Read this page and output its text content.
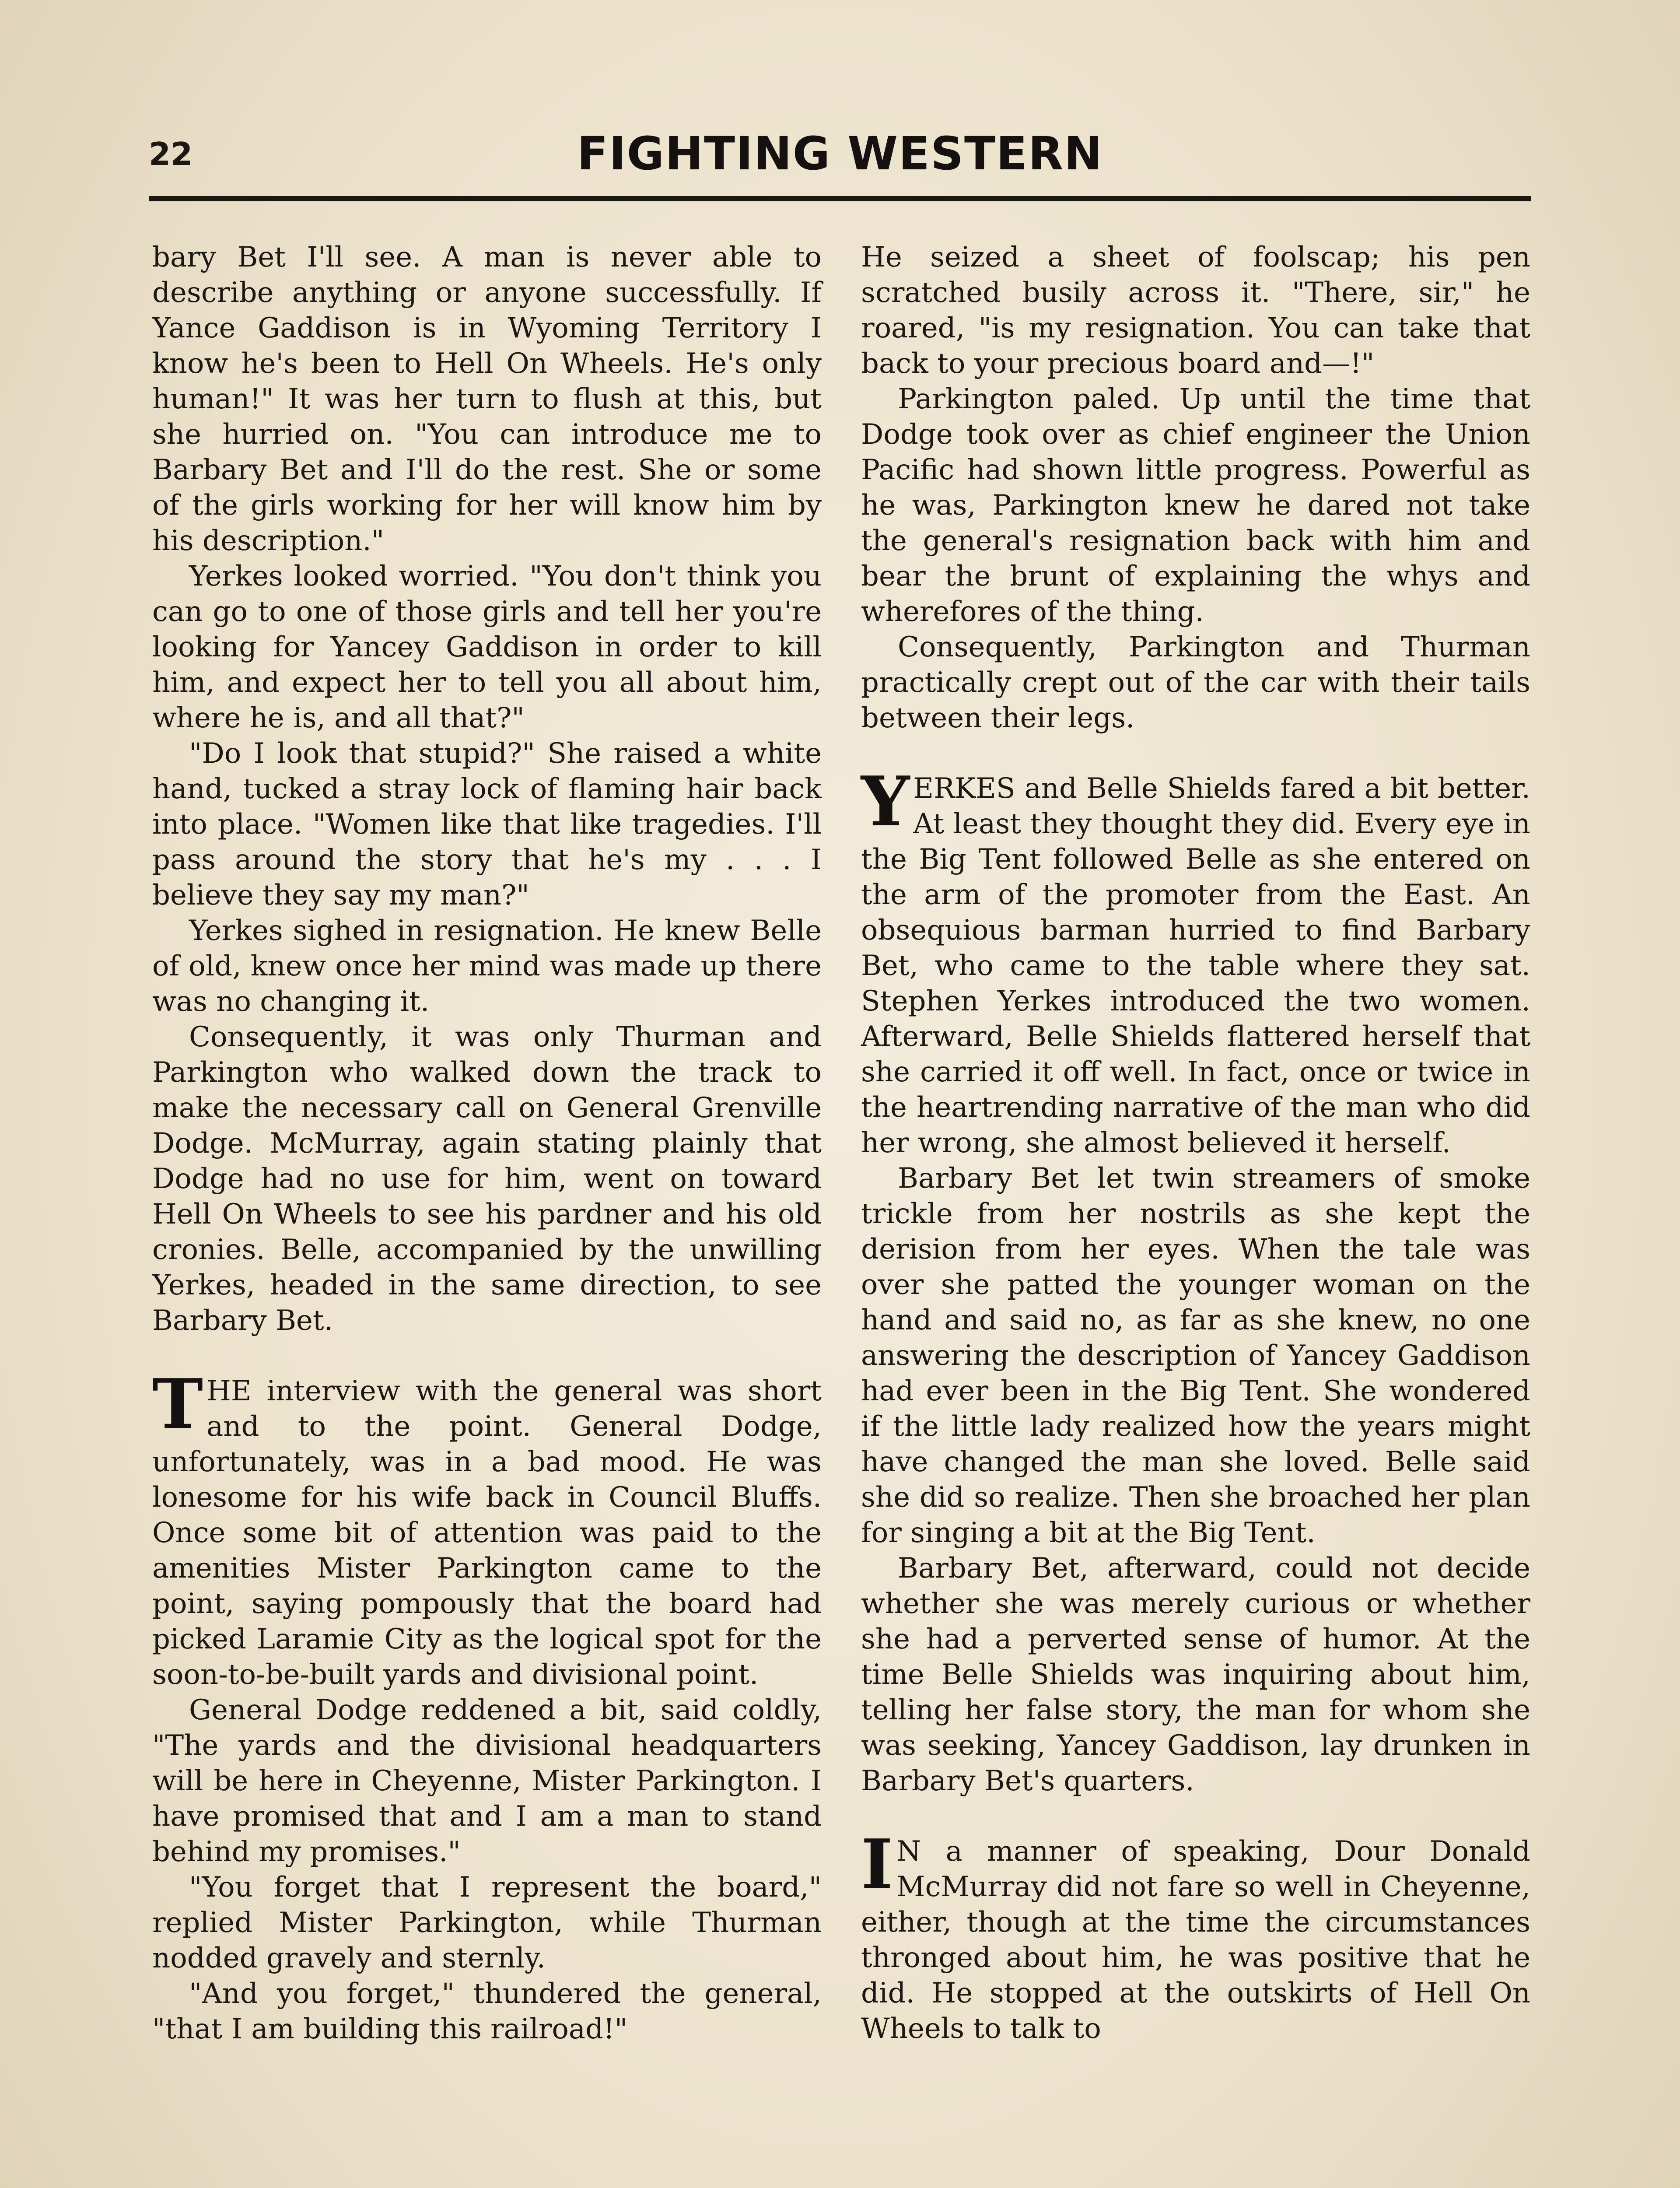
22	FIGHTING WESTERN

bary Bet I'll see. A man is never able to describe anything or anyone successfully. If Yance Gaddison is in Wyoming Territory I know he's been to Hell On Wheels. He's only human!" It was her turn to flush at this, but she hurried on. "You can introduce me to Barbary Bet and I'll do the rest. She or some of the girls working for her will know him by his description."

Yerkes looked worried. "You don't think you can go to one of those girls and tell her you're looking for Yancey Gaddison in order to kill him, and expect her to tell you all about him, where he is, and all that?"

"Do I look that stupid?" She raised a white hand, tucked a stray lock of flaming hair back into place. "Women like that like tragedies. I'll pass around the story that he's my . . . I believe they say my man?"

Yerkes sighed in resignation. He knew Belle of old, knew once her mind was made up there was no changing it.

Consequently, it was only Thurman and Parkington who walked down the track to make the necessary call on General Grenville Dodge. McMurray, again stating plainly that Dodge had no use for him, went on toward Hell On Wheels to see his pardner and his old cronies. Belle, accompanied by the unwilling Yerkes, headed in the same direction, to see Barbary Bet.

THE interview with the general was short and to the point. General Dodge, unfortunately, was in a bad mood. He was lonesome for his wife back in Council Bluffs. Once some bit of attention was paid to the amenities Mister Parkington came to the point, saying pompously that the board had picked Laramie City as the logical spot for the soon-to-be-built yards and divisional point.

General Dodge reddened a bit, said coldly, "The yards and the divisional headquarters will be here in Cheyenne, Mister Parkington. I have promised that and I am a man to stand behind my promises."

"You forget that I represent the board," replied Mister Parkington, while Thurman nodded gravely and sternly.

"And you forget," thundered the general, "that I am building this railroad!"

He seized a sheet of foolscap; his pen scratched busily across it. "There, sir," he roared, "is my resignation. You can take that back to your precious board and—!"

Parkington paled. Up until the time that Dodge took over as chief engineer the Union Pacific had shown little progress. Powerful as he was, Parkington knew he dared not take the general's resignation back with him and bear the brunt of explaining the whys and wherefores of the thing.

Consequently, Parkington and Thurman practically crept out of the car with their tails between their legs.

YERKES and Belle Shields fared a bit better. At least they thought they did. Every eye in the Big Tent followed Belle as she entered on the arm of the promoter from the East. An obsequious barman hurried to find Barbary Bet, who came to the table where they sat. Stephen Yerkes introduced the two women. Afterward, Belle Shields flattered herself that she carried it off well. In fact, once or twice in the heartrending narrative of the man who did her wrong, she almost believed it herself.

Barbary Bet let twin streamers of smoke trickle from her nostrils as she kept the derision from her eyes. When the tale was over she patted the younger woman on the hand and said no, as far as she knew, no one answering the description of Yancey Gaddison had ever been in the Big Tent. She wondered if the little lady realized how the years might have changed the man she loved. Belle said she did so realize. Then she broached her plan for singing a bit at the Big Tent.

Barbary Bet, afterward, could not decide whether she was merely curious or whether she had a perverted sense of humor. At the time Belle Shields was inquiring about him, telling her false story, the man for whom she was seeking, Yancey Gaddison, lay drunken in Barbary Bet's quarters.

I N a manner of speaking, Dour Donald McMurray did not fare so well in Cheyenne, either, though at the time the circumstances thronged about him, he was positive that he did. He stopped at the outskirts of Hell On Wheels to talk to
